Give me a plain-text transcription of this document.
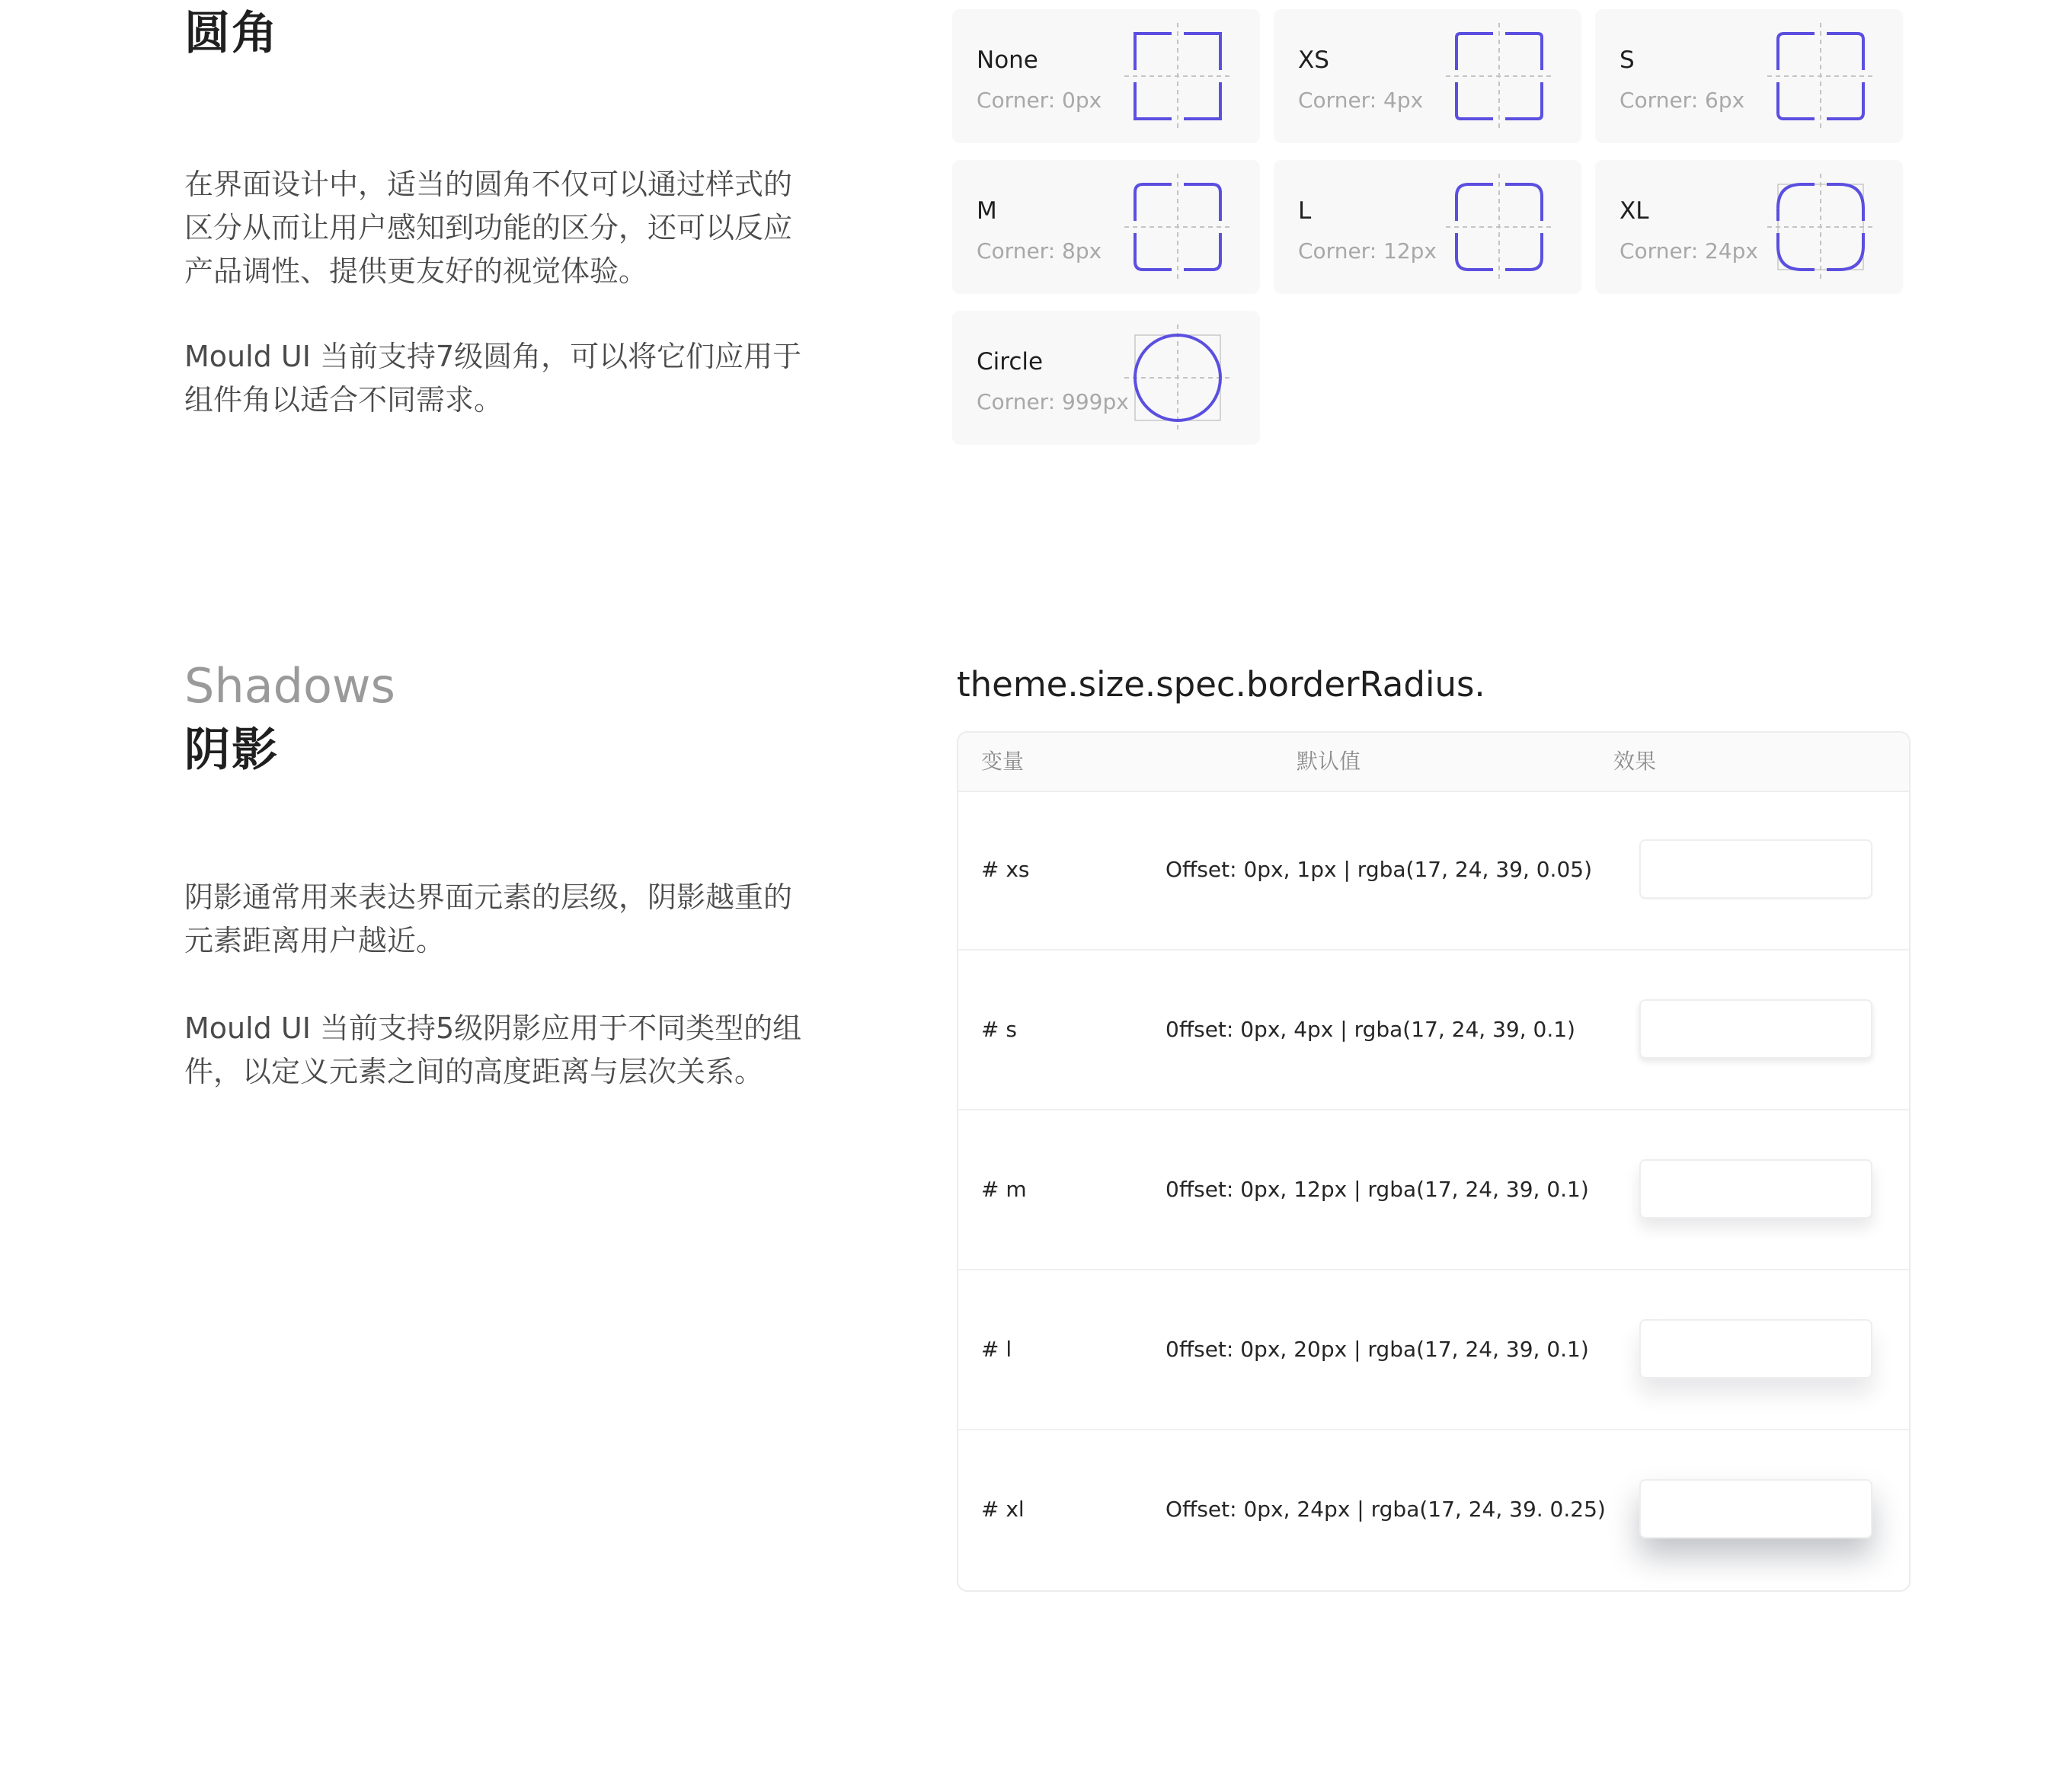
圆角
在界面设计中，适当的圆角不仅可以通过样式的区分从而让用户感知到功能的区分，还可以反应产品调性、提供更友好的视觉体验。
Mould UI 当前支持7级圆角，可以将它们应用于组件角以适合不同需求。
None
Corner: 0px
XS
Corner: 4px
S
Corner: 6px
M
Corner: 8px
L
Corner: 12px
XL
Corner: 24px
Circle
Corner: 999px
Shadows
阴影
阴影通常用来表达界面元素的层级，阴影越重的元素距离用户越近。
Mould UI 当前支持5级阴影应用于不同类型的组件，以定义元素之间的高度距离与层次关系。
theme.size.spec.borderRadius.
变量	默认值	效果
# xs	Offset: 0px, 1px | rgba(17, 24, 39, 0.05)
# s	0ffset: 0px, 4px | rgba(17, 24, 39, 0.1)
# m	0ffset: 0px, 12px | rgba(17, 24, 39, 0.1)
# l	0ffset: 0px, 20px | rgba(17, 24, 39, 0.1)
# xl	Offset: 0px, 24px | rgba(17, 24, 39. 0.25)
